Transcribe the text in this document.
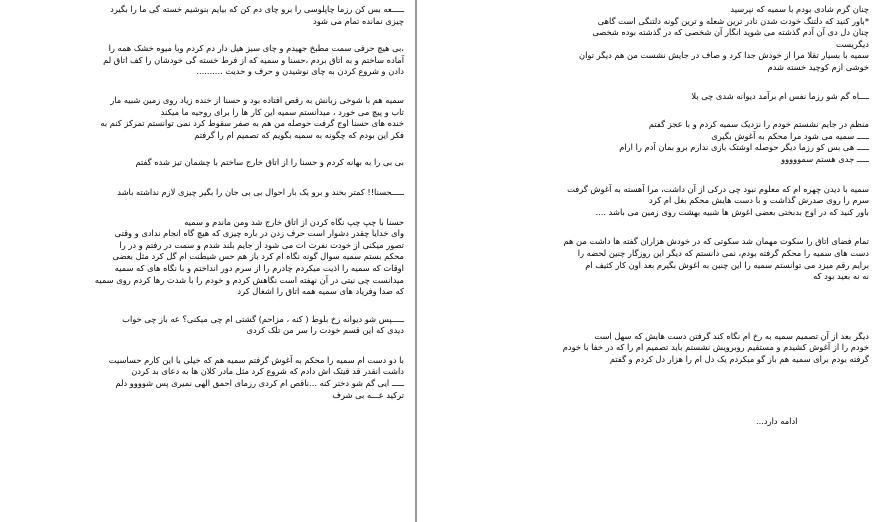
ـــــعه بس کن رزما چاپلوسی را برو چای دم کن که بیایم بنوشیم خسته گی ما را بگیرد
چیزی نمانده تمام می شود

،بی هیچ حرفی سمت مطبخ جهیدم و چای سبز هیل دار دم کردم وبا میوه خشک همه را
آماده ساختم و به اتاق بردم ،حسنا و سمیه که از فرط خسته گی خودشان را کف اتاق لم
دادن و شروع کردن به چای نوشیدن و حرف و حدیث ..........

سمیه هم با شوخی زبانش به رقص افتاده بود و حسنا از خنده زیاد روی زمین شبیه مار
تاب و پیچ می خورد ، میدانستم سمیه این کار ها را برای روحیه ما میکند
خنده های حسنا اوج گرفت حوصله من هم به صفر سقوط کرد نمی توانستم تمرکز کنم به
فکر این بودم که چگونه به سمیه بگویم که تصمیم ام را گرفتم

بی بی را به بهانه کردم و حسنا را از اتاق خارج ساختم با چشمان تیز شده گفتم

ـــــحسنا!! کمتر بخند و برو یک بار احوال بی بی جان را بگیر چیزی لازم نداشته باشد

حسنا با چپ چپ نگاه کردن از اتاق خارج شد ومن ماندم و سمیه
وای خدایا چقدر دشوار است حرف زدن در باره چیزی که هیچ گاه انجام ندادی و وقتی
تصور میکنی از خودت نفرت ات می شود از جایم بلند شدم و سمت در رفتم و در را
محکم بستم سمیه سوال گونه نگاه ام کرد باز هم حس شیطنت ام گل کرد مثل بعضی
اوقات که سمیه را اذیت میکردم چادرم را از سرم دور انداختم و با نگاه های که سمیه
میدانست چی نیتی در آن نهفته است نگاهش کردم و خودم را با شدت رها کردم روی سمیه
که صدا وفریاد های سمیه همه اتاق را اشغال کرد

ـــــپس شو دیوانه زخ بلوط ( کنه ، مزاحم) گشتی ام چی میکنی؟ عه باز چی خواب
دیدی که این قسم خودت را سر من تلک کردی

با دو دست ام سمیه را محکم به آغوش گرفتم سمیه هم که خیلی با این کارم حساسیت
داشت انقدر قد قیتک اش دادم که شروع کرد مثل مادر کلان ها به دعای بد کردن
ـــــ ایی گم شو دختر کنه ...ناقص ام کردی رزمای احمق الهی نمیری پس شوووو دلم
ترکید عـــه بی شرف

چنان گرم شادی بودم با سمیه که نپرسید
*باور کنید که دلتنگ خودت شدن نادر ترین شعله و ترین گونه دلتنگی است گاهی
چنان دل دی آن آدم گذشته می شوید انگار آن شخصی که در گذشته بوده شخصی
دیگریست
سمیه با بسیار تقلا مرا از خودش جدا کرد و صاف در جایش نشست من هم دیگر توان
خوشی ازم کوچید خسته شدم

ــــاه گم شو رزما نفس ام برآمد دیوانه شدی چی بلا

منظم در جایم نشستم خودم را نزدیک سمیه کردم و با عجز گفتم
ـــــ سمیه می شود مرا محکم به آغوش بگیری
ـــــ هی بس کو رزما دیگر حوصله اوشتک بازی ندارم برو بمان آدم را ارام
ـــــ جدی هستم سمووووو

سمیه با دیدن چهره ام که معلوم نبود چی درکی از آن داشت، مرا آهسته به آغوش گرفت
سرم را روی صدرش گذاشت و با دست هایش محکم بغل ام کرد
باور کنید که در اوج بدبختی بعضی اغوش ها شبیه بهشت روی زمین می باشد ....

تمام فضای اتاق را سکوت مهمان شد سکوتی که در خودش هزاران گفته ها داشت من هم
دست های سمیه را محکم گرفته بودم، نمی دانستم که دیگر این روزگار چنین لحضه را
برایم رقم میزد می توانستم سمیه را این چنین به اغوش بگیرم بعد اون کار کثیف ام
نه نه بعید بود که

دیگر بعد از آن تصمیم سمیه به رخ ام نگاه کند گرفتن دست هایش که سهل است
خودم را از آغوش کشیدم و مستقیم روبرویش نشستم باید تصمیم ام را که در خفا با خودم
گرفته بودم برای سمیه هم باز گو میکردم یک دل ام را هزار دل کردم و گفتم

ادامه دارد...
